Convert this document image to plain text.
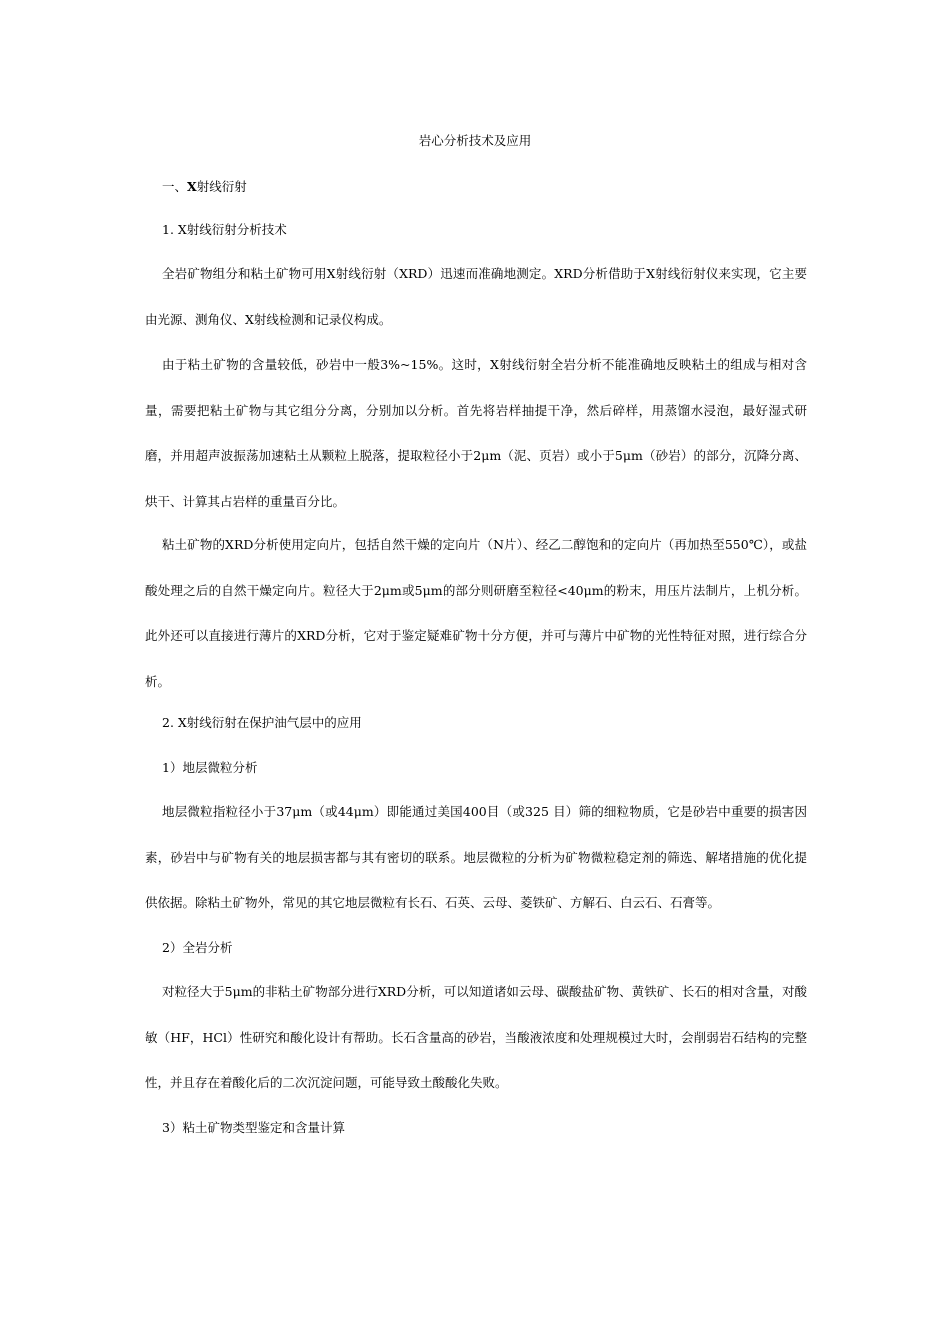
岩心分析技术及应用
一、X射线衍射
1. X射线衍射分析技术

全岩矿物组分和粘土矿物可用X射线衍射（XRD）迅速而准确地测定。XRD分析借助于X射线衍射仪来实现，它主要由光源、测角仪、X射线检测和记录仪构成。

由于粘土矿物的含量较低，砂岩中一般3%~15%。这时，X射线衍射全岩分析不能准确地反映粘土的组成与相对含量，需要把粘土矿物与其它组分分离，分别加以分析。首先将岩样抽提干净，然后碎样，用蒸馏水浸泡，最好湿式研磨，并用超声波振荡加速粘土从颗粒上脱落，提取粒径小于2μm（泥、页岩）或小于5μm（砂岩）的部分，沉降分离、烘干、计算其占岩样的重量百分比。

粘土矿物的XRD分析使用定向片，包括自然干燥的定向片（N片）、经乙二醇饱和的定向片（再加热至550℃），或盐酸处理之后的自然干燥定向片。粒径大于2μm或5μm的部分则研磨至粒径<40μm的粉末，用压片法制片，上机分析。此外还可以直接进行薄片的XRD分析，它对于鉴定疑难矿物十分方便，并可与薄片中矿物的光性特征对照，进行综合分析。

2. X射线衍射在保护油气层中的应用
1）地层微粒分析

地层微粒指粒径小于37μm（或44μm）即能通过美国400目（或325 目）筛的细粒物质，它是砂岩中重要的损害因素，砂岩中与矿物有关的地层损害都与其有密切的联系。地层微粒的分析为矿物微粒稳定剂的筛选、解堵措施的优化提供依据。除粘土矿物外，常见的其它地层微粒有长石、石英、云母、菱铁矿、方解石、白云石、石膏等。

2）全岩分析

对粒径大于5μm的非粘土矿物部分进行XRD分析，可以知道诸如云母、碳酸盐矿物、黄铁矿、长石的相对含量，对酸敏（HF，HCl）性研究和酸化设计有帮助。长石含量高的砂岩，当酸液浓度和处理规模过大时，会削弱岩石结构的完整性，并且存在着酸化后的二次沉淀问题，可能导致土酸酸化失败。

3）粘土矿物类型鉴定和含量计算
